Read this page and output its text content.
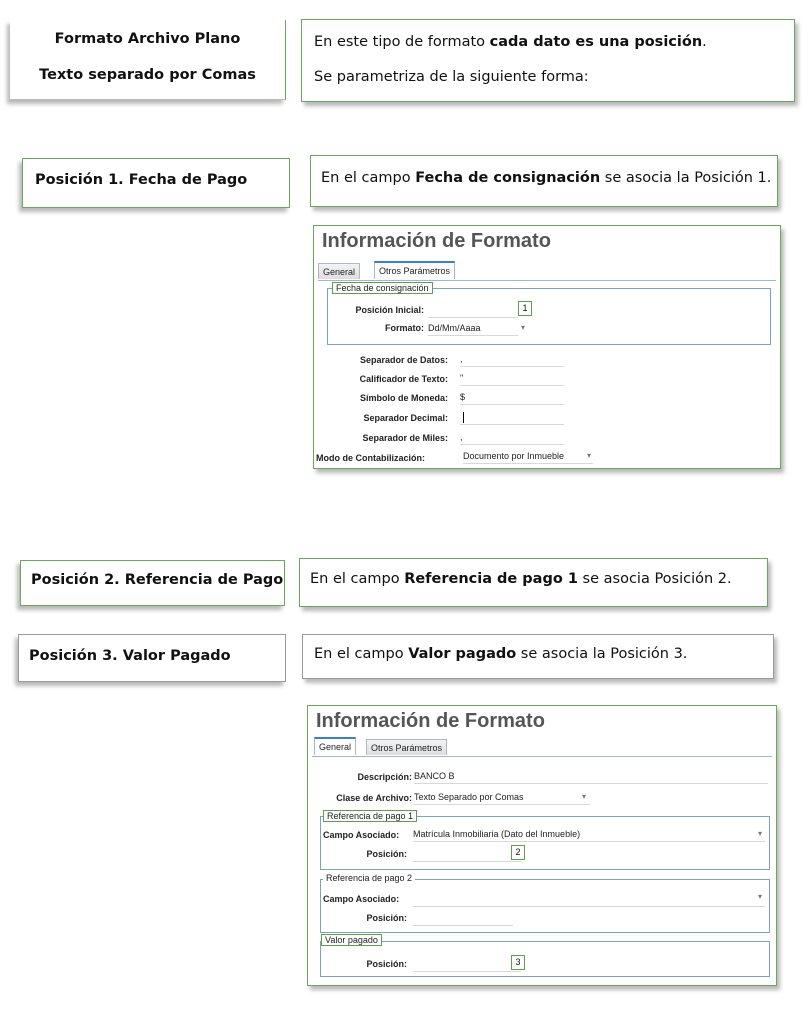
Formato Archivo Plano
Texto separado por Comas
En este tipo de formato cada dato es una posición.
Se parametriza de la siguiente forma:
Posición 1. Fecha de Pago	En el campo Fecha de consignación se asocia la Posición 1.
Información de Formato
General	Otros Parámetros
Fecha de consignación
Posición Inicial:	1
Formato: Dd/Mm/Aaaa	▾
Separador de Datos: ,
Calificador de Texto: "
Símbolo de Moneda: $
Separador Decimal:
Separador de Miles: ,
Modo de Contabilización:	Documento por Inmueble	▾
Posición 2. Referencia de Pago En el campo Referencia de pago 1 se asocia Posición 2.
Posición 3. Valor Pagado	En el campo Valor pagado se asocia la Posición 3.
Información de Formato
General	Otros Parámetros
Descripción: BANCO B
Clase de Archivo: Texto Separado por Comas	▾
Referencia de pago 1
Campo Asociado:	Matrícula Inmobiliaria (Dato del Inmueble)	▾
Posición:	2
Referencia de pago 2
Campo Asociado:	▾
Posición:
Valor pagado
Posición:	3
